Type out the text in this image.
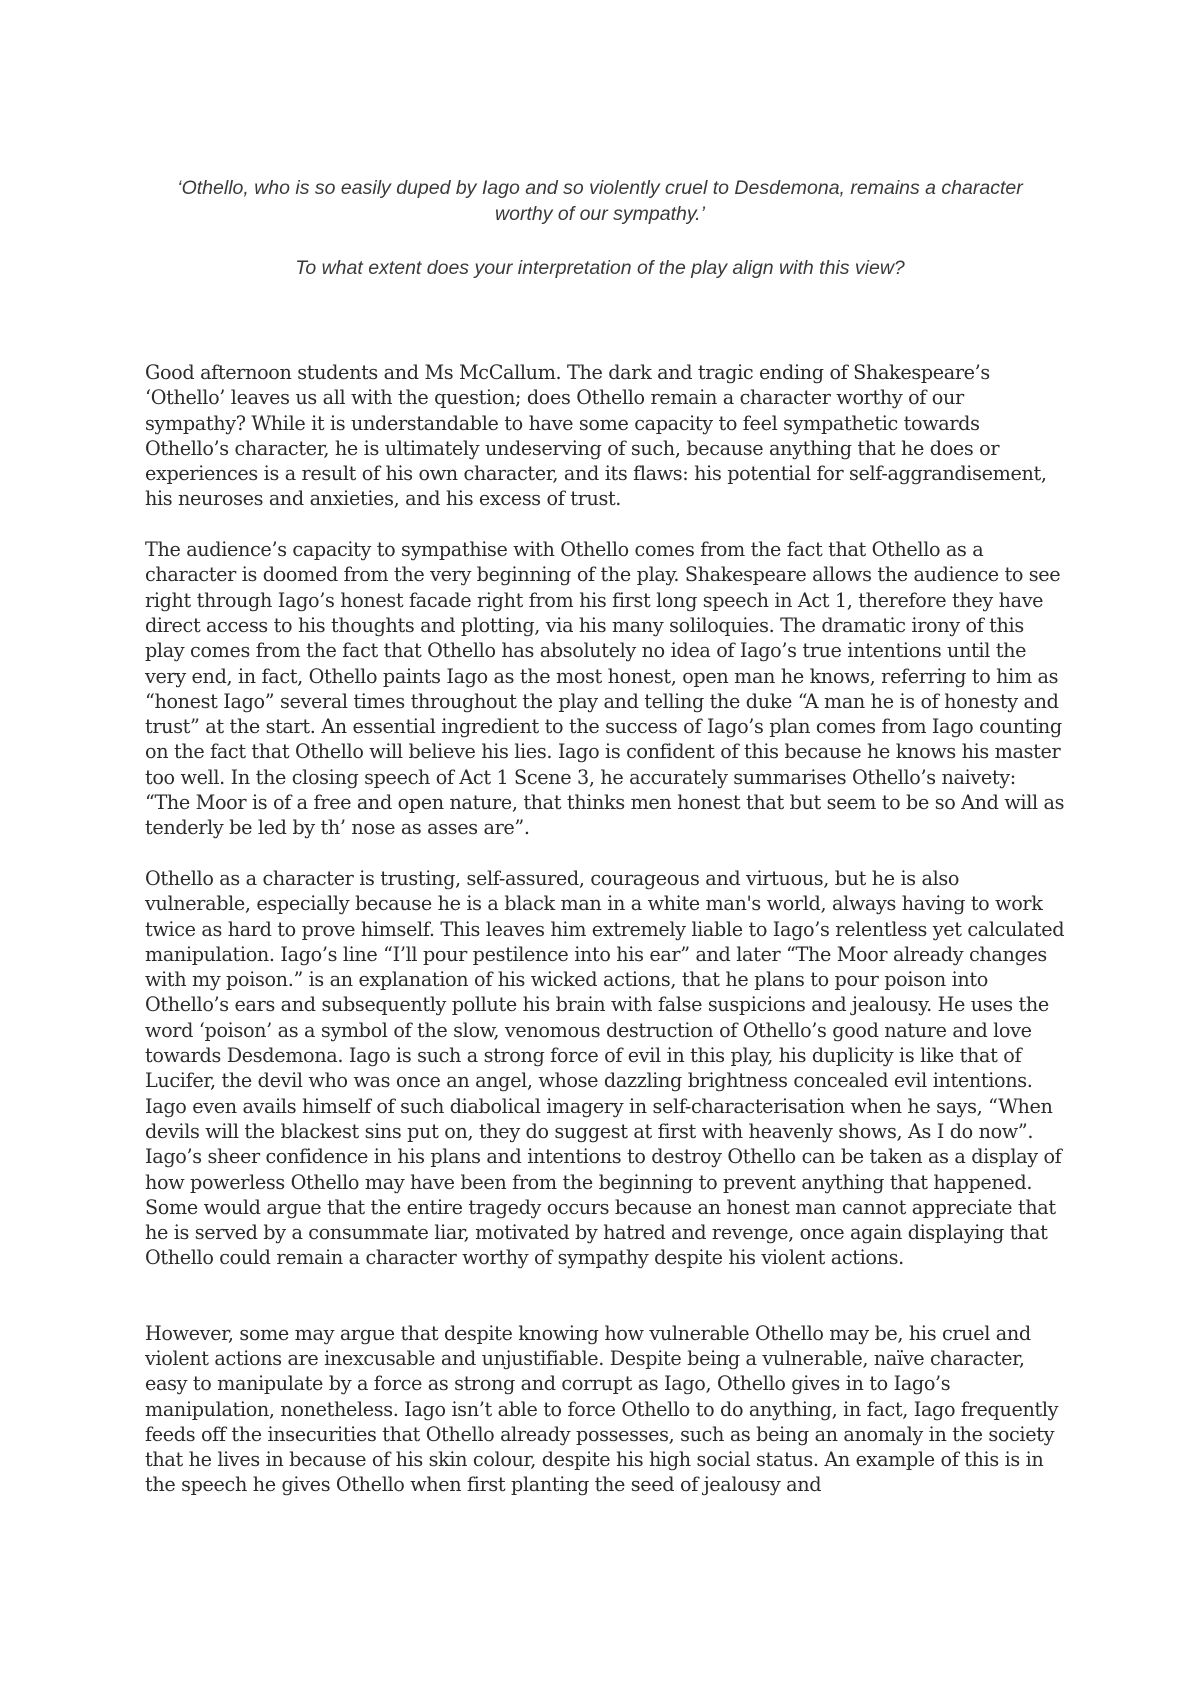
‘Othello, who is so easily duped by Iago and so violently cruel to Desdemona, remains a character worthy of our sympathy.’

To what extent does your interpretation of the play align with this view?

Good afternoon students and Ms McCallum. The dark and tragic ending of Shakespeare’s ‘Othello’ leaves us all with the question; does Othello remain a character worthy of our sympathy? While it is understandable to have some capacity to feel sympathetic towards Othello’s character, he is ultimately undeserving of such, because anything that he does or experiences is a result of his own character, and its flaws: his potential for self-aggrandisement, his neuroses and anxieties, and his excess of trust.

The audience’s capacity to sympathise with Othello comes from the fact that Othello as a character is doomed from the very beginning of the play. Shakespeare allows the audience to see right through Iago’s honest facade right from his first long speech in Act 1, therefore they have direct access to his thoughts and plotting, via his many soliloquies. The dramatic irony of this play comes from the fact that Othello has absolutely no idea of Iago’s true intentions until the very end, in fact, Othello paints Iago as the most honest, open man he knows, referring to him as “honest Iago” several times throughout the play and telling the duke “A man he is of honesty and trust” at the start. An essential ingredient to the success of Iago’s plan comes from Iago counting on the fact that Othello will believe his lies. Iago is confident of this because he knows his master too well. In the closing speech of Act 1 Scene 3, he accurately summarises Othello’s naivety: “The Moor is of a free and open nature, that thinks men honest that but seem to be so And will as tenderly be led by th’ nose as asses are”.

Othello as a character is trusting, self-assured, courageous and virtuous, but he is also vulnerable, especially because he is a black man in a white man's world, always having to work twice as hard to prove himself. This leaves him extremely liable to Iago’s relentless yet calculated manipulation. Iago’s line “I’ll pour pestilence into his ear” and later “The Moor already changes with my poison.” is an explanation of his wicked actions, that he plans to pour poison into Othello’s ears and subsequently pollute his brain with false suspicions and jealousy. He uses the word ‘poison’ as a symbol of the slow, venomous destruction of Othello’s good nature and love towards Desdemona. Iago is such a strong force of evil in this play, his duplicity is like that of Lucifer, the devil who was once an angel, whose dazzling brightness concealed evil intentions. Iago even avails himself of such diabolical imagery in self-characterisation when he says, “When devils will the blackest sins put on, they do suggest at first with heavenly shows, As I do now”. Iago’s sheer confidence in his plans and intentions to destroy Othello can be taken as a display of how powerless Othello may have been from the beginning to prevent anything that happened. Some would argue that the entire tragedy occurs because an honest man cannot appreciate that he is served by a consummate liar, motivated by hatred and revenge, once again displaying that Othello could remain a character worthy of sympathy despite his violent actions.

However, some may argue that despite knowing how vulnerable Othello may be, his cruel and violent actions are inexcusable and unjustifiable. Despite being a vulnerable, naïve character, easy to manipulate by a force as strong and corrupt as Iago, Othello gives in to Iago’s manipulation, nonetheless. Iago isn’t able to force Othello to do anything, in fact, Iago frequently feeds off the insecurities that Othello already possesses, such as being an anomaly in the society that he lives in because of his skin colour, despite his high social status. An example of this is in the speech he gives Othello when first planting the seed of jealousy and
